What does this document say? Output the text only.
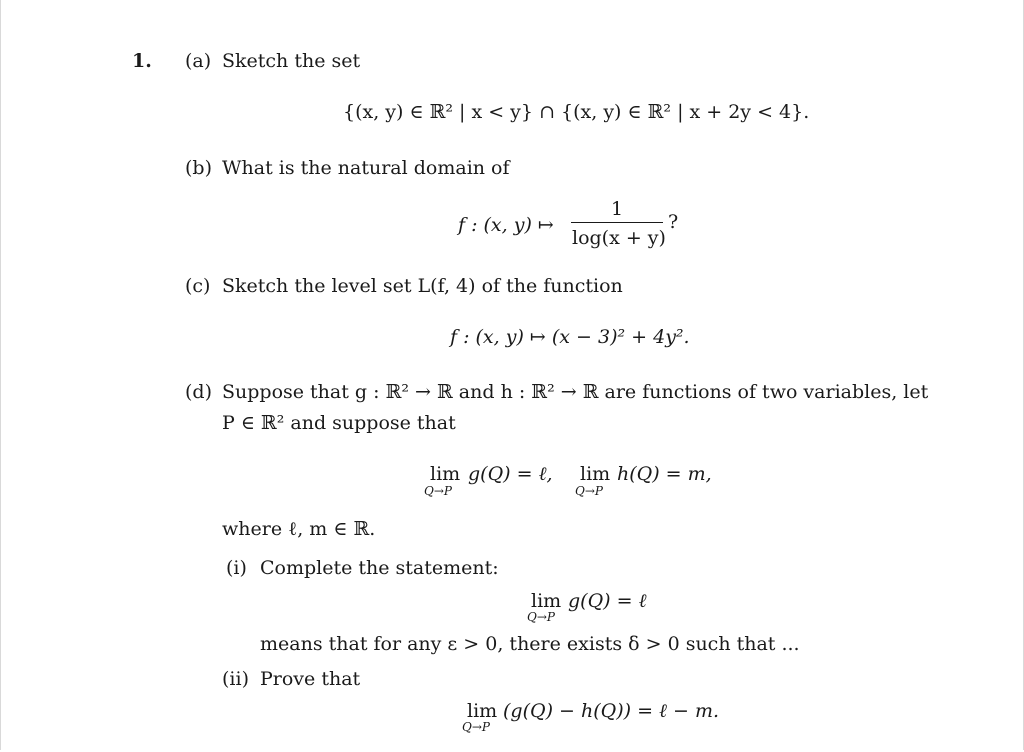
1. (a) Sketch the set
{(x, y) ∈ ℝ² | x < y} ∩ {(x, y) ∈ ℝ² | x + 2y < 4}.
(b) What is the natural domain of
f : (x, y) ↦
1
log(x + y)
?
(c) Sketch the level set L(f, 4) of the function
f : (x, y) ↦ (x − 3)² + 4y².
(d) Suppose that g : ℝ² → ℝ and h : ℝ² → ℝ are functions of two variables, let
P ∈ ℝ² and suppose that
lim
Q→P
g(Q) = ℓ, lim
Q→P
h(Q) = m,
where ℓ, m ∈ ℝ.
(i) Complete the statement:
lim
Q→P
g(Q) = ℓ
means that for any ε > 0, there exists δ > 0 such that ...
(ii) Prove that
lim
Q→P
(g(Q) − h(Q)) = ℓ − m.
